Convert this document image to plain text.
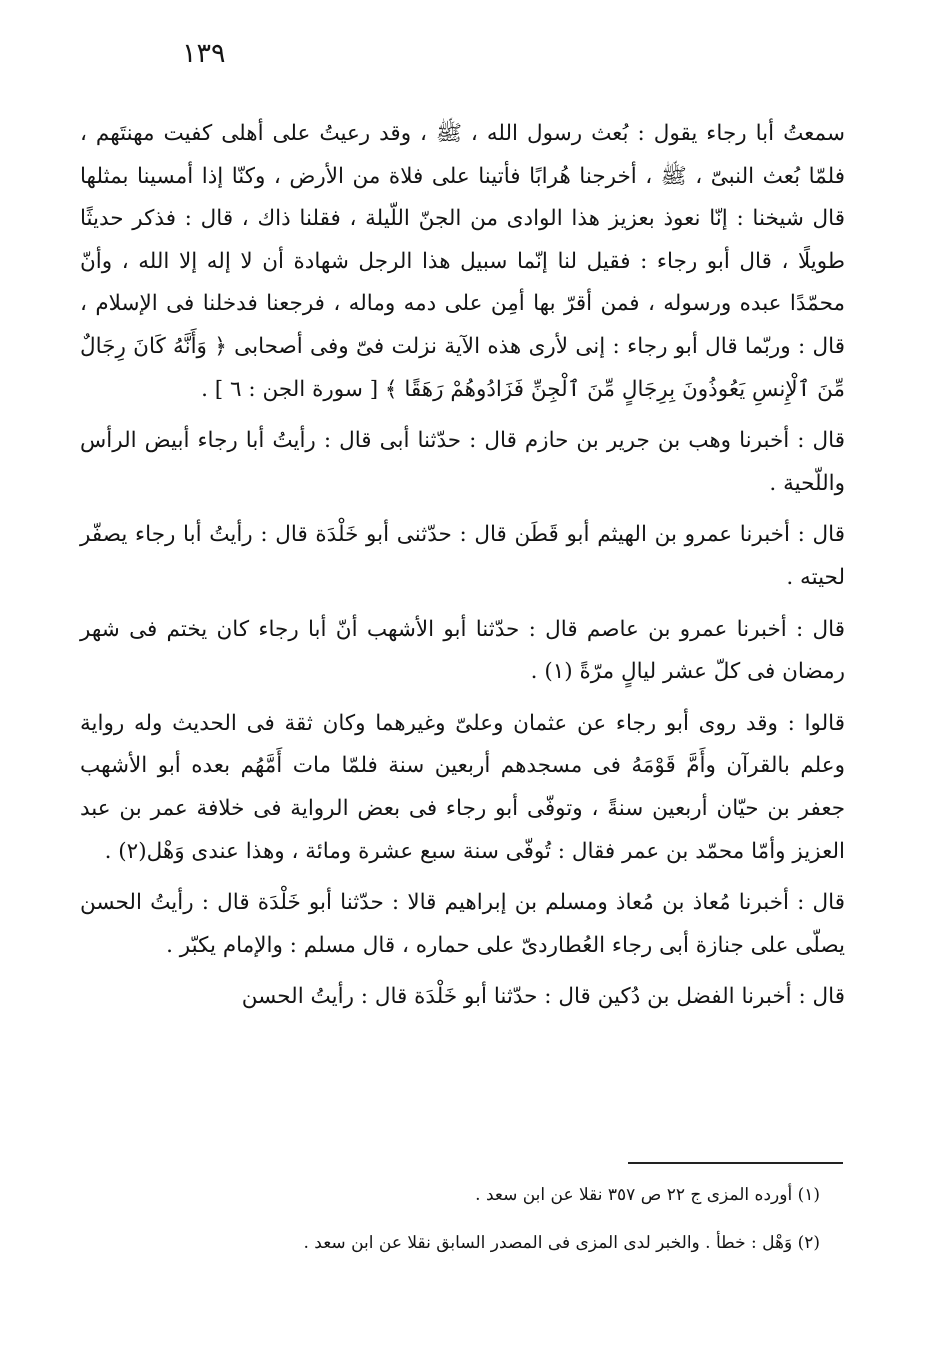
١٣٩

سمعتُ أبا رجاء يقول : بُعث رسول الله ، ﷺ ، وقد رعيتُ على أهلى كفيت مهنتَهم ، فلمّا بُعث النبىّ ، ﷺ ، أخرجنا هُرابًا فأتينا على فلاة من الأرض ، وكنّا إذا أمسينا بمثلها قال شيخنا : إنّا نعوذ بعزيز هذا الوادى من الجنّ اللّيلة ، فقلنا ذاك ، قال : فذكر حديثًا طويلًا ، قال أبو رجاء : فقيل لنا إنّما سبيل هذا الرجل شهادة أن لا إله إلا الله ، وأنّ محمّدًا عبده ورسوله ، فمن أقرّ بها أمِن على دمه وماله ، فرجعنا فدخلنا فى الإسلام ، قال : وربّما قال أبو رجاء : إنى لأرى هذه الآية نزلت فىّ وفى أصحابى ﴿ وَأَنَّهُ كَانَ رِجَالٌ مِّنَ ٱلْإِنسِ يَعُوذُونَ بِرِجَالٍ مِّنَ ٱلْجِنِّ فَزَادُوهُمْ رَهَقًا ﴾ [ سورة الجن : ٦ ] .

قال : أخبرنا وهب بن جرير بن حازم قال : حدّثنا أبى قال : رأيتُ أبا رجاء أبيض الرأس واللّحية .

قال : أخبرنا عمرو بن الهيثم أبو قَطَن قال : حدّثنى أبو خَلْدَة قال : رأيتُ أبا رجاء يصفّر لحيته .

قال : أخبرنا عمرو بن عاصم قال : حدّثنا أبو الأشهب أنّ أبا رجاء كان يختم فى شهر رمضان فى كلّ عشر ليالٍ مرّةً (١) .

قالوا : وقد روى أبو رجاء عن عثمان وعلىّ وغيرهما وكان ثقة فى الحديث وله رواية وعلم بالقرآن وأَمَّ قَوْمَهُ فى مسجدهم أربعين سنة فلمّا مات أَمَّهُم بعده أبو الأشهب جعفر بن حيّان أربعين سنةً ، وتوفّى أبو رجاء فى بعض الرواية فى خلافة عمر بن عبد العزيز وأمّا محمّد بن عمر فقال : تُوفّى سنة سبع عشرة ومائة ، وهذا عندى وَهْل(٢) .

قال : أخبرنا مُعاذ بن مُعاذ ومسلم بن إبراهيم قالا : حدّثنا أبو خَلْدَة قال : رأيتُ الحسن يصلّى على جنازة أبى رجاء العُطاردىّ على حماره ، قال مسلم : والإمام يكبّر .

قال : أخبرنا الفضل بن دُكين قال : حدّثنا أبو خَلْدَة قال : رأيتُ الحسن

(١) أورده المزى ج ٢٢ ص ٣٥٧ نقلا عن ابن سعد .

(٢) وَهْل : خطأ . والخبر لدى المزى فى المصدر السابق نقلا عن ابن سعد .
